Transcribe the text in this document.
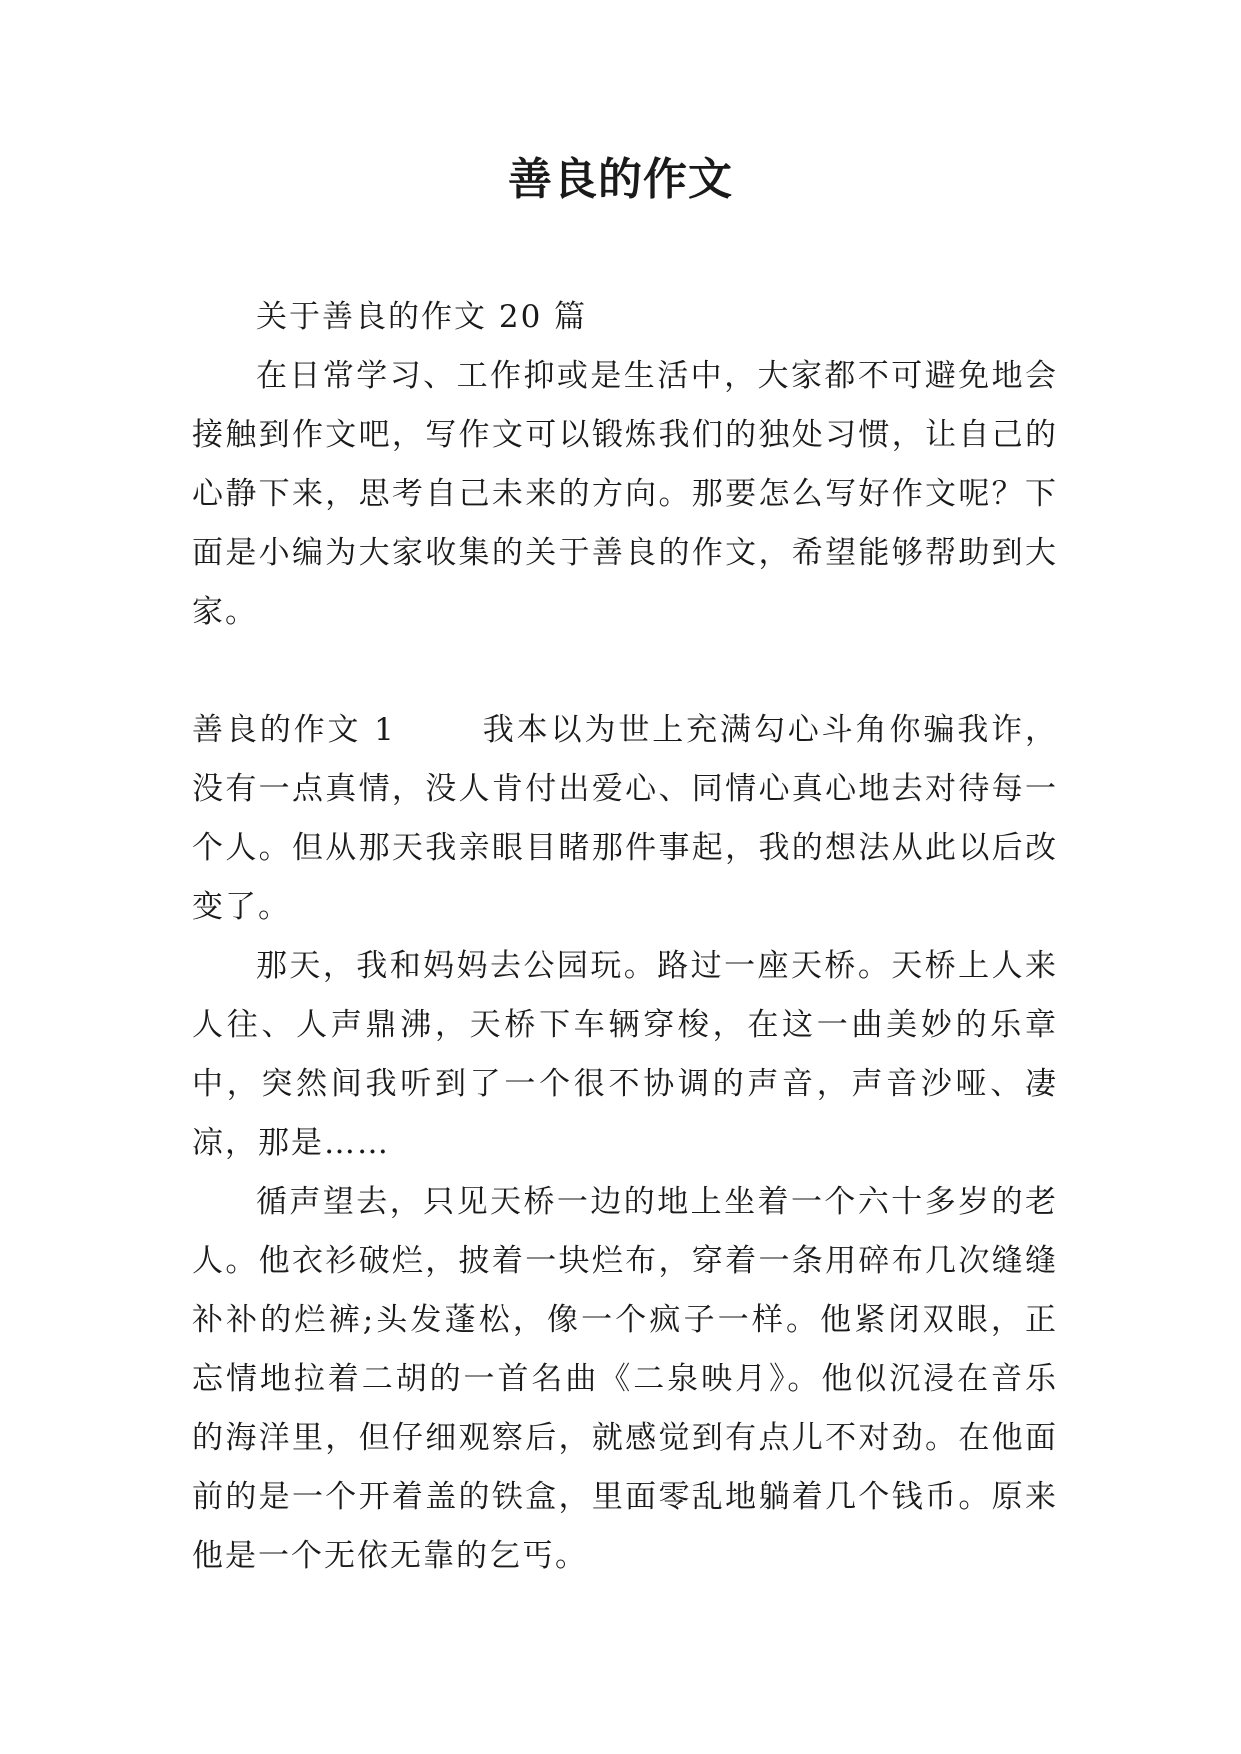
善良的作文

关于善良的作文 20 篇

在日常学习、工作抑或是生活中，大家都不可避免地会接触到作文吧，写作文可以锻炼我们的独处习惯，让自己的心静下来，思考自己未来的方向。那要怎么写好作文呢？下面是小编为大家收集的关于善良的作文，希望能够帮助到大家。

善良的作文 1	我本以为世上充满勾心斗角你骗我诈，没有一点真情，没人肯付出爱心、同情心真心地去对待每一个人。但从那天我亲眼目睹那件事起，我的想法从此以后改变了。

那天，我和妈妈去公园玩。路过一座天桥。天桥上人来人往、人声鼎沸，天桥下车辆穿梭，在这一曲美妙的乐章中，突然间我听到了一个很不协调的声音，声音沙哑、凄凉，那是……

循声望去，只见天桥一边的地上坐着一个六十多岁的老人。他衣衫破烂，披着一块烂布，穿着一条用碎布几次缝缝补补的烂裤;头发蓬松，像一个疯子一样。他紧闭双眼，正忘情地拉着二胡的一首名曲《二泉映月》。他似沉浸在音乐的海洋里，但仔细观察后，就感觉到有点儿不对劲。在他面前的是一个开着盖的铁盒，里面零乱地躺着几个钱币。原来他是一个无依无靠的乞丐。
